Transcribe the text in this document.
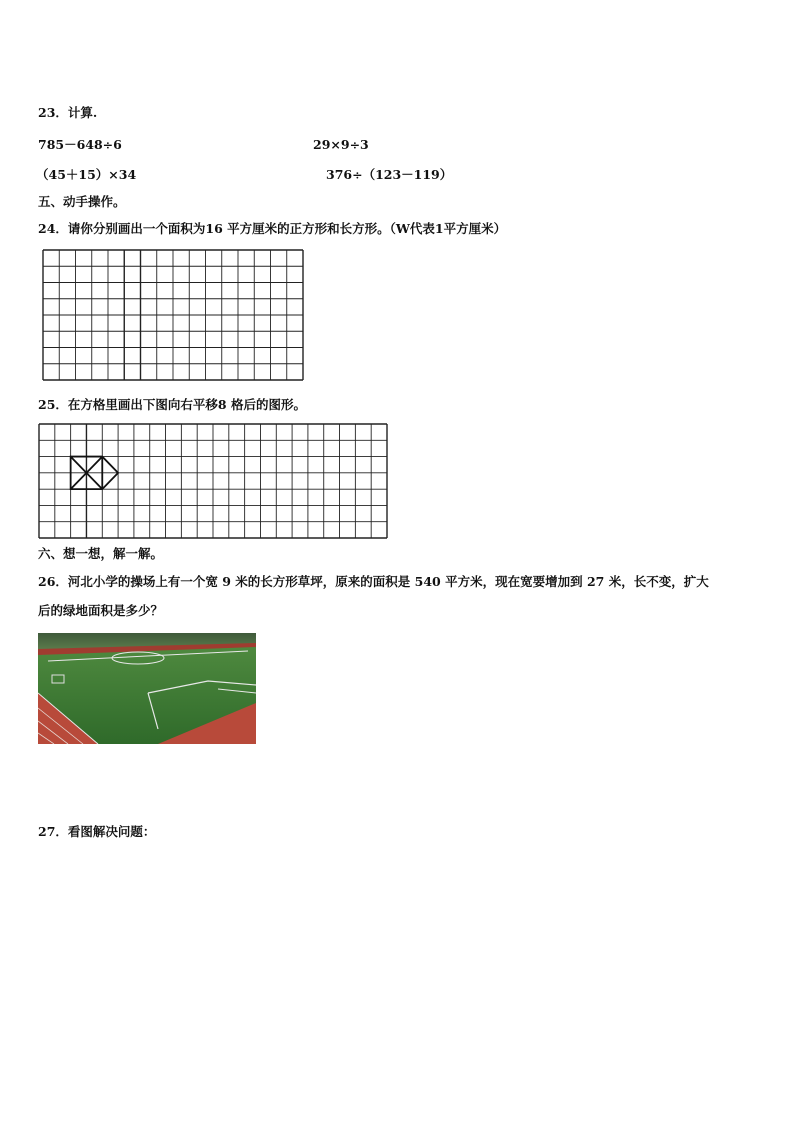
23．计算.
785－648÷6	29×9÷3
（45＋15）×34	376÷（123－119）
五、动手操作。
24．请你分别画出一个面积为16 平方厘米的正方形和长方形。（W代表1平方厘米）
25．在方格里画出下图向右平移8 格后的图形。
六、想一想，解一解。
26．河北小学的操场上有一个宽 9 米的长方形草坪，原来的面积是 540 平方米，现在宽要增加到 27 米，长不变，扩大
后的绿地面积是多少？
27．看图解决问题：
